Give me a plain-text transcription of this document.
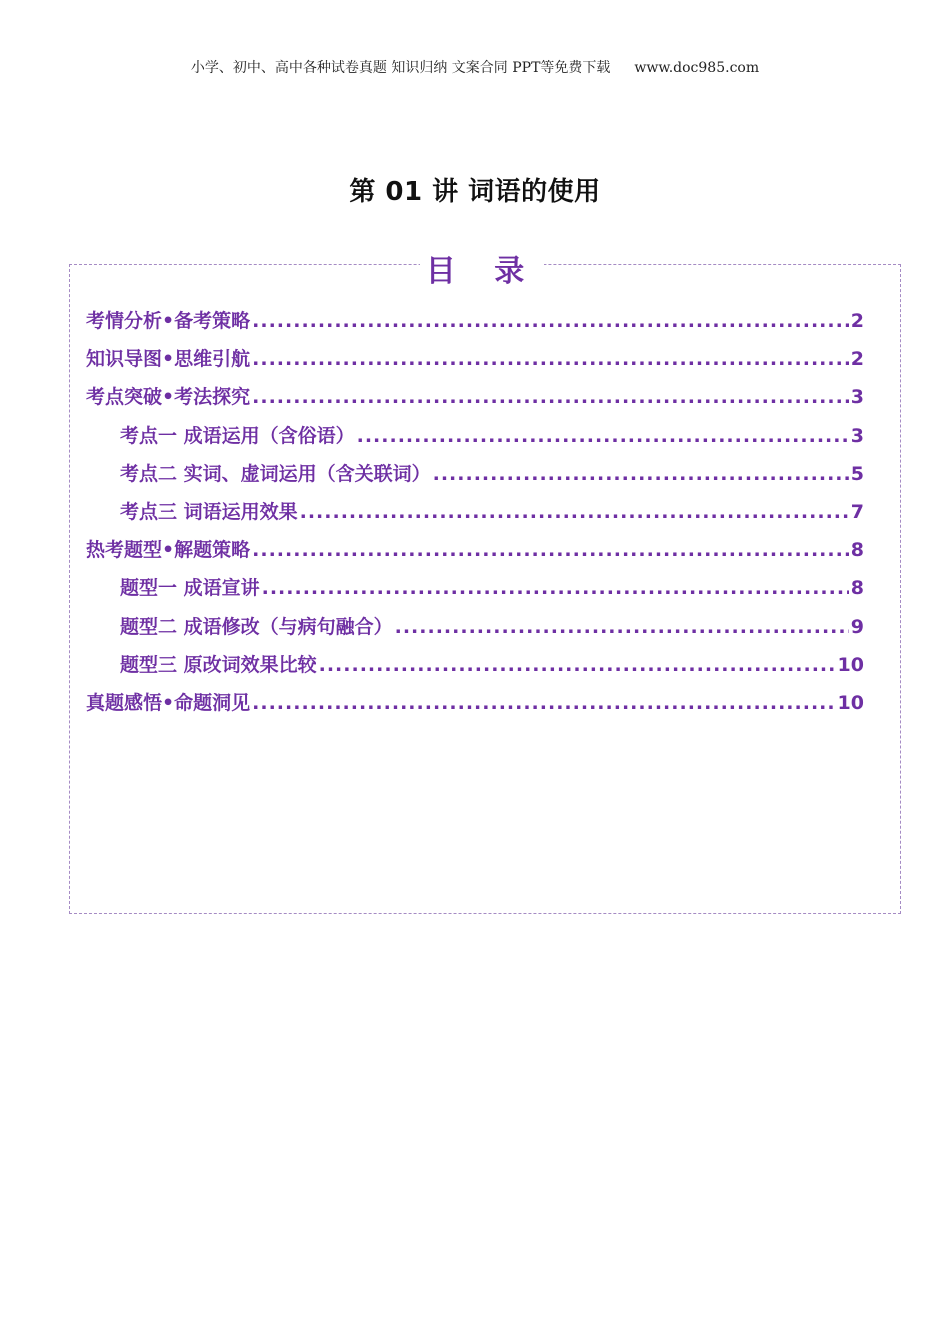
小学、初中、高中各种试卷真题 知识归纳 文案合同 PPT等免费下载 www.doc985.com
第 01 讲 词语的使用
目 录
考情分析•备考策略 .....	2
知识导图•思维引航 .....	2
考点突破•考法探究 .....	3
考点一 成语运用（含俗语） .....	3
考点二 实词、虚词运用（含关联词） .....	5
考点三 词语运用效果 .....	7
热考题型•解题策略 .....	8
题型一 成语宣讲 .....	8
题型二 成语修改（与病句融合） .....	9
题型三 原改词效果比较 .....	10
真题感悟•命题洞见 .....	10
